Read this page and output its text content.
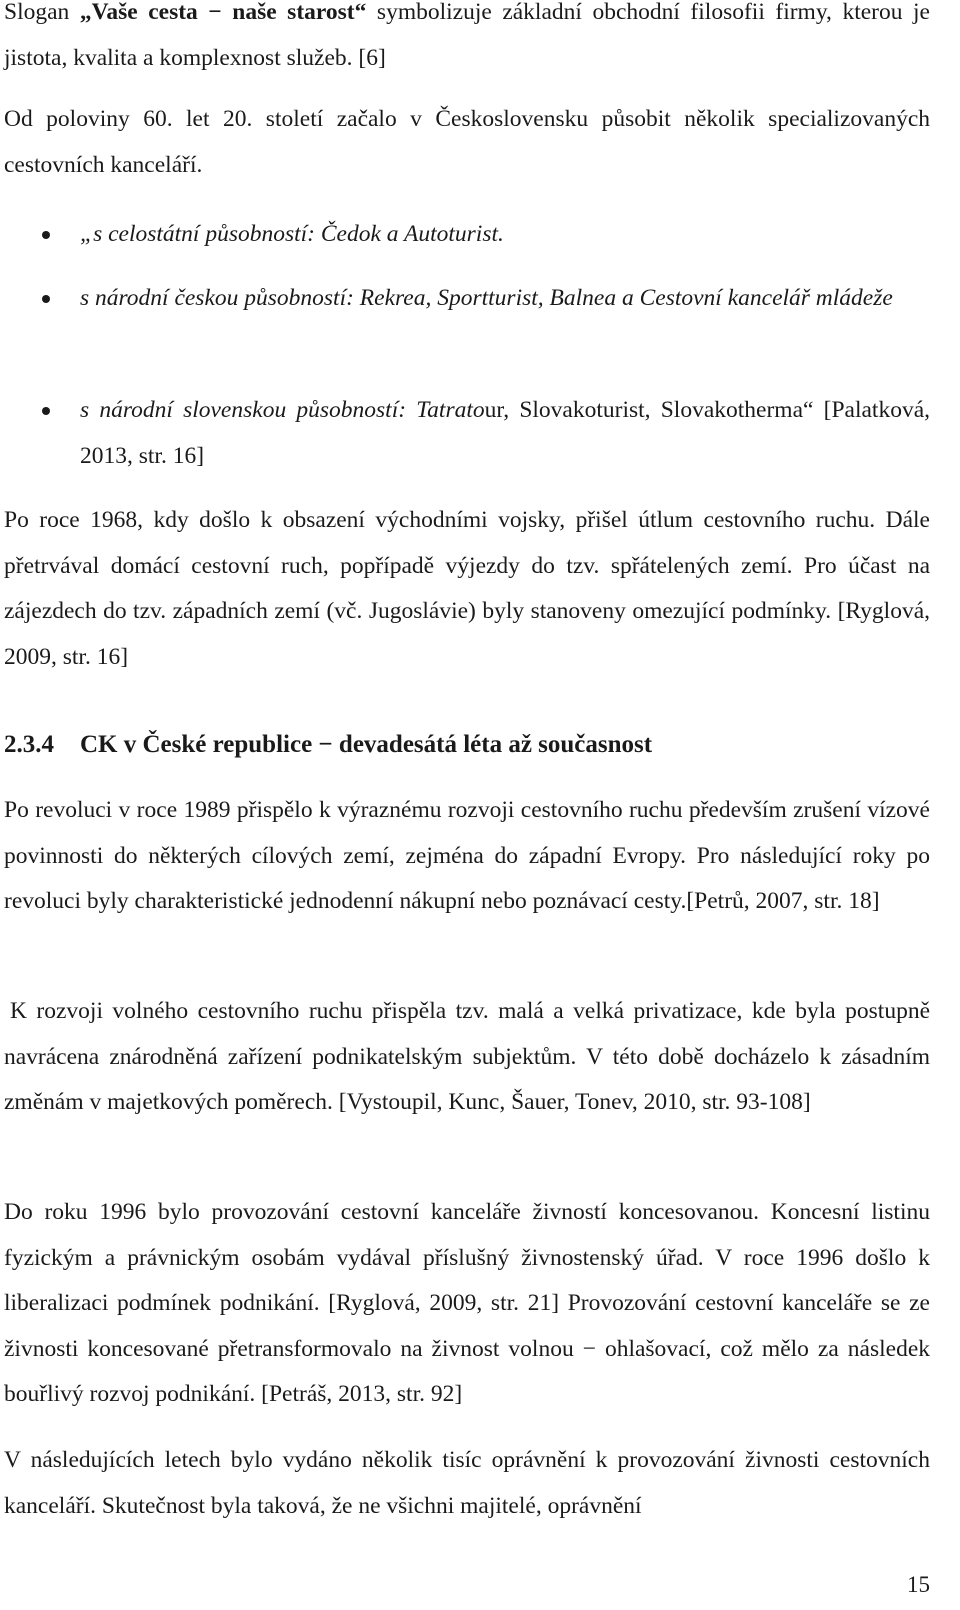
Slogan „Vaše cesta − naše starost“ symbolizuje základní obchodní filosofii firmy, kterou je jistota, kvalita a komplexnost služeb. [6]

Od poloviny 60. let 20. století začalo v Československu působit několik specializovaných cestovních kanceláří.

„s celostátní působností: Čedok a Autoturist.
s národní českou působností: Rekrea, Sportturist, Balnea a Cestovní kancelář mládeže
s národní slovenskou působností: Tatratour, Slovakoturist, Slovakotherma“ [Palatková, 2013, str. 16]

Po roce 1968, kdy došlo k obsazení východními vojsky, přišel útlum cestovního ruchu. Dále přetrvával domácí cestovní ruch, popřípadě výjezdy do tzv. spřátelených zemí. Pro účast na zájezdech do tzv. západních zemí (vč. Jugoslávie) byly stanoveny omezující podmínky. [Ryglová, 2009, str. 16]

2.3.4 CK v České republice − devadesátá léta až současnost

Po revoluci v roce 1989 přispělo k výraznému rozvoji cestovního ruchu především zrušení vízové povinnosti do některých cílových zemí, zejména do západní Evropy. Pro následující roky po revoluci byly charakteristické jednodenní nákupní nebo poznávací cesty.[Petrů, 2007, str. 18]

K rozvoji volného cestovního ruchu přispěla tzv. malá a velká privatizace, kde byla postupně navrácena znárodněná zařízení podnikatelským subjektům. V této době docházelo k zásadním změnám v majetkových poměrech. [Vystoupil, Kunc, Šauer, Tonev, 2010, str. 93-108]

Do roku 1996 bylo provozování cestovní kanceláře živností koncesovanou. Koncesní listinu fyzickým a právnickým osobám vydával příslušný živnostenský úřad. V roce 1996 došlo k liberalizaci podmínek podnikání. [Ryglová, 2009, str. 21] Provozování cestovní kanceláře se ze živnosti koncesované přetransformovalo na živnost volnou − ohlašovací, což mělo za následek bouřlivý rozvoj podnikání. [Petráš, 2013, str. 92]

V následujících letech bylo vydáno několik tisíc oprávnění k provozování živnosti cestovních kanceláří. Skutečnost byla taková, že ne všichni majitelé, oprávnění

15
